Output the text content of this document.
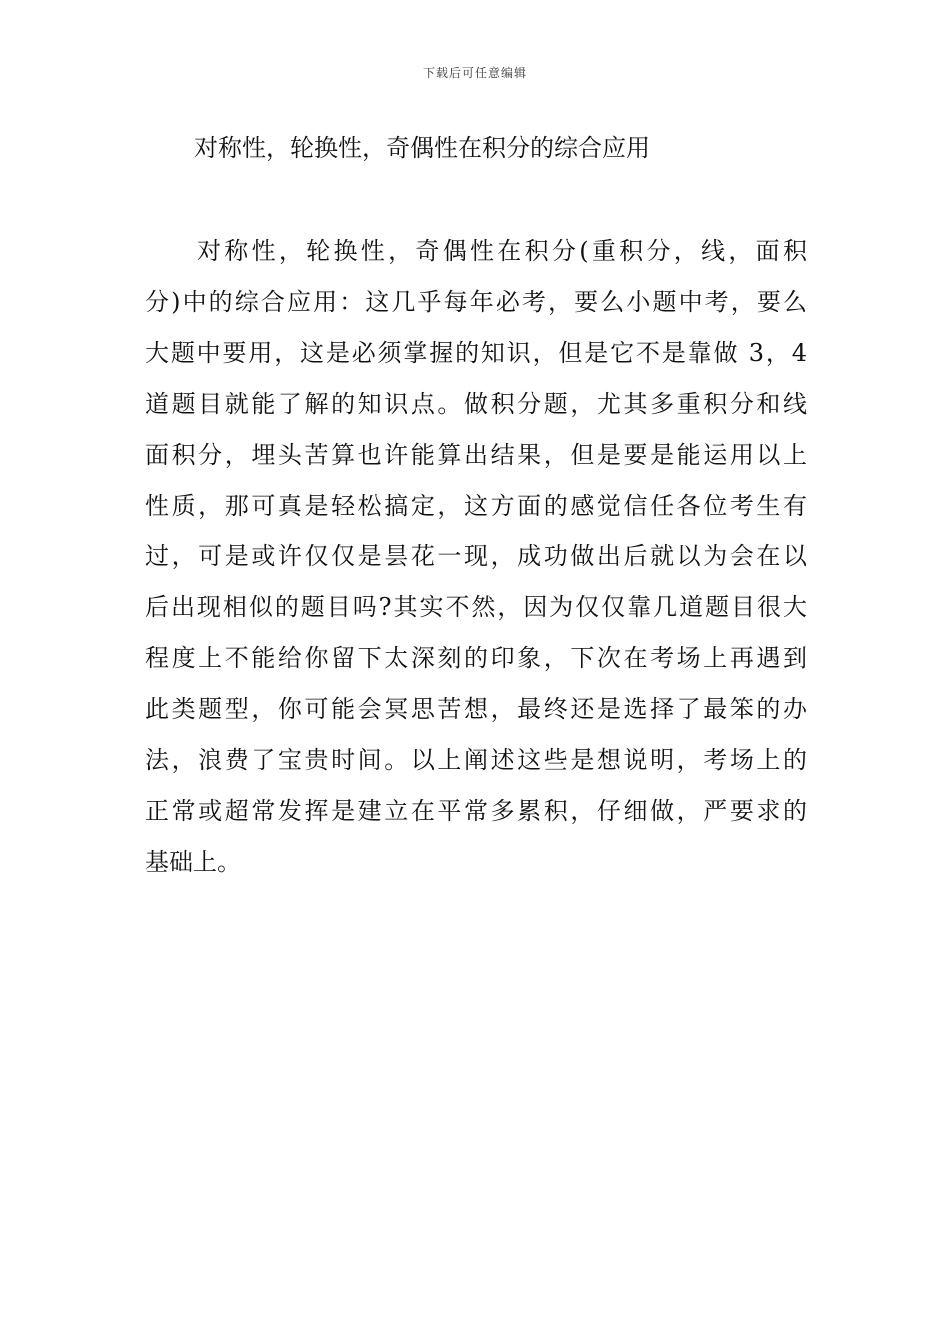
下载后可任意编辑
对称性，轮换性，奇偶性在积分的综合应用
对称性，轮换性，奇偶性在积分(重积分，线，面积
分)中的综合应用：这几乎每年必考，要么小题中考，要么
大题中要用，这是必须掌握的知识，但是它不是靠做 3，4
道题目就能了解的知识点。做积分题，尤其多重积分和线
面积分，埋头苦算也许能算出结果，但是要是能运用以上
性质，那可真是轻松搞定，这方面的感觉信任各位考生有
过，可是或许仅仅是昙花一现，成功做出后就以为会在以
后出现相似的题目吗?其实不然，因为仅仅靠几道题目很大
程度上不能给你留下太深刻的印象，下次在考场上再遇到
此类题型，你可能会冥思苦想，最终还是选择了最笨的办
法，浪费了宝贵时间。以上阐述这些是想说明，考场上的
正常或超常发挥是建立在平常多累积，仔细做，严要求的
基础上。
